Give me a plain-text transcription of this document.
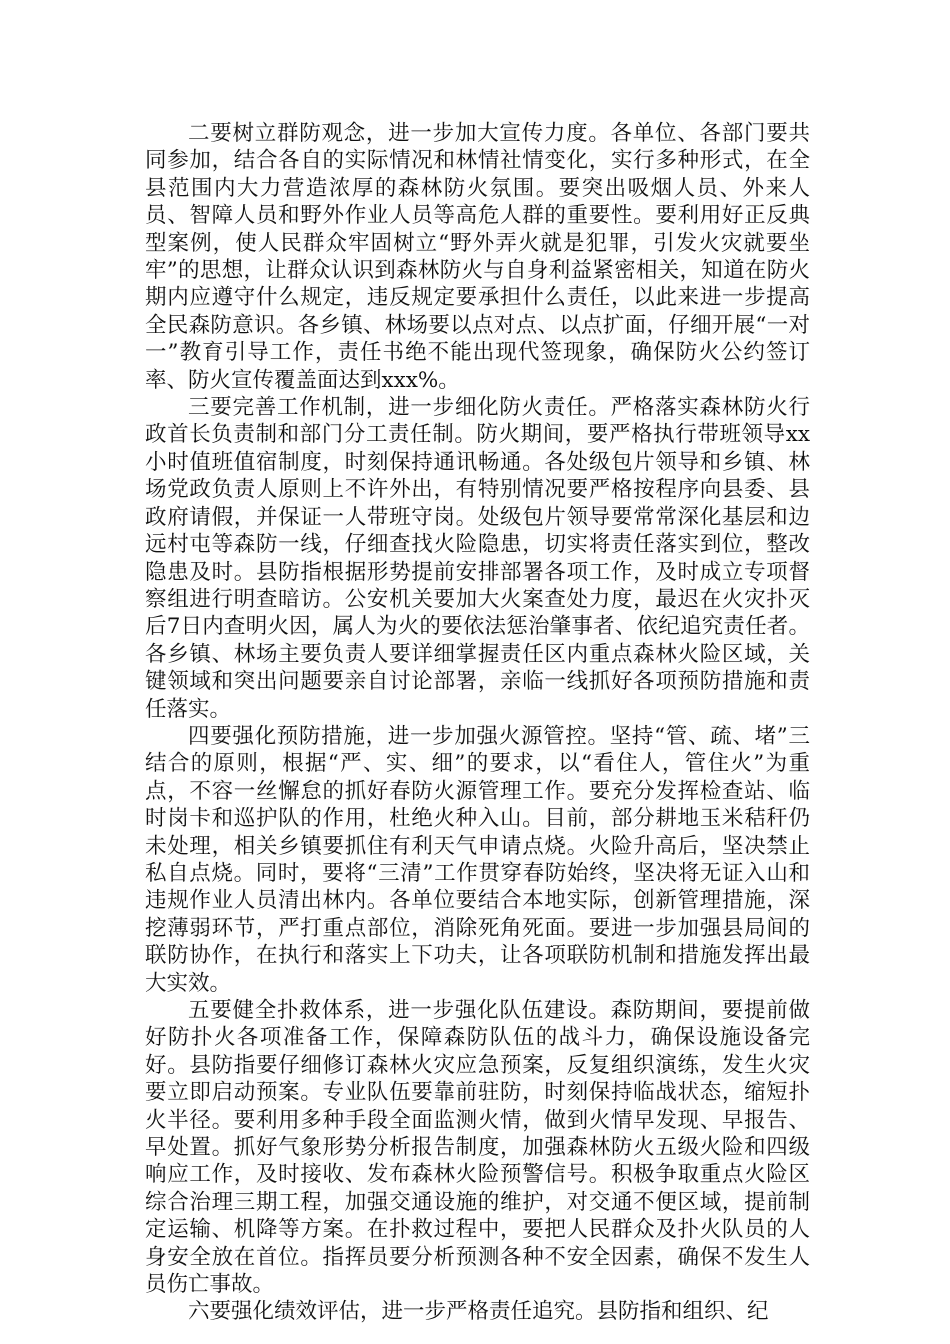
二要树立群防观念，进一步加大宣传力度。各单位、各部门要共同参加，结合各自的实际情况和林情社情变化，实行多种形式，在全县范围内大力营造浓厚的森林防火氛围。要突出吸烟人员、外来人员、智障人员和野外作业人员等高危人群的重要性。要利用好正反典型案例，使人民群众牢固树立“野外弄火就是犯罪，引发火灾就要坐牢”的思想，让群众认识到森林防火与自身利益紧密相关，知道在防火期内应遵守什么规定，违反规定要承担什么责任，以此来进一步提高全民森防意识。各乡镇、林场要以点对点、以点扩面，仔细开展“一对一”教育引导工作，责任书绝不能出现代签现象，确保防火公约签订率、防火宣传覆盖面达到xxx%。

三要完善工作机制，进一步细化防火责任。严格落实森林防火行政首长负责制和部门分工责任制。防火期间，要严格执行带班领导xx小时值班值宿制度，时刻保持通讯畅通。各处级包片领导和乡镇、林场党政负责人原则上不许外出，有特别情况要严格按程序向县委、县政府请假，并保证一人带班守岗。处级包片领导要常常深化基层和边远村屯等森防一线，仔细查找火险隐患，切实将责任落实到位，整改隐患及时。县防指根据形势提前安排部署各项工作，及时成立专项督察组进行明查暗访。公安机关要加大火案查处力度，最迟在火灾扑灭后7日内查明火因，属人为火的要依法惩治肇事者、依纪追究责任者。各乡镇、林场主要负责人要详细掌握责任区内重点森林火险区域，关键领域和突出问题要亲自讨论部署，亲临一线抓好各项预防措施和责任落实。

四要强化预防措施，进一步加强火源管控。坚持“管、疏、堵”三结合的原则，根据“严、实、细”的要求，以“看住人，管住火”为重点，不容一丝懈怠的抓好春防火源管理工作。要充分发挥检查站、临时岗卡和巡护队的作用，杜绝火种入山。目前，部分耕地玉米秸秆仍未处理，相关乡镇要抓住有利天气申请点烧。火险升高后，坚决禁止私自点烧。同时，要将“三清”工作贯穿春防始终，坚决将无证入山和违规作业人员清出林内。各单位要结合本地实际，创新管理措施，深挖薄弱环节，严打重点部位，消除死角死面。要进一步加强县局间的联防协作，在执行和落实上下功夫，让各项联防机制和措施发挥出最大实效。

五要健全扑救体系，进一步强化队伍建设。森防期间，要提前做好防扑火各项准备工作，保障森防队伍的战斗力，确保设施设备完好。县防指要仔细修订森林火灾应急预案，反复组织演练，发生火灾要立即启动预案。专业队伍要靠前驻防，时刻保持临战状态，缩短扑火半径。要利用多种手段全面监测火情，做到火情早发现、早报告、早处置。抓好气象形势分析报告制度，加强森林防火五级火险和四级响应工作，及时接收、发布森林火险预警信号。积极争取重点火险区综合治理三期工程，加强交通设施的维护，对交通不便区域，提前制定运输、机降等方案。在扑救过程中，要把人民群众及扑火队员的人身安全放在首位。指挥员要分析预测各种不安全因素，确保不发生人员伤亡事故。

六要强化绩效评估，进一步严格责任追究。县防指和组织、纪
